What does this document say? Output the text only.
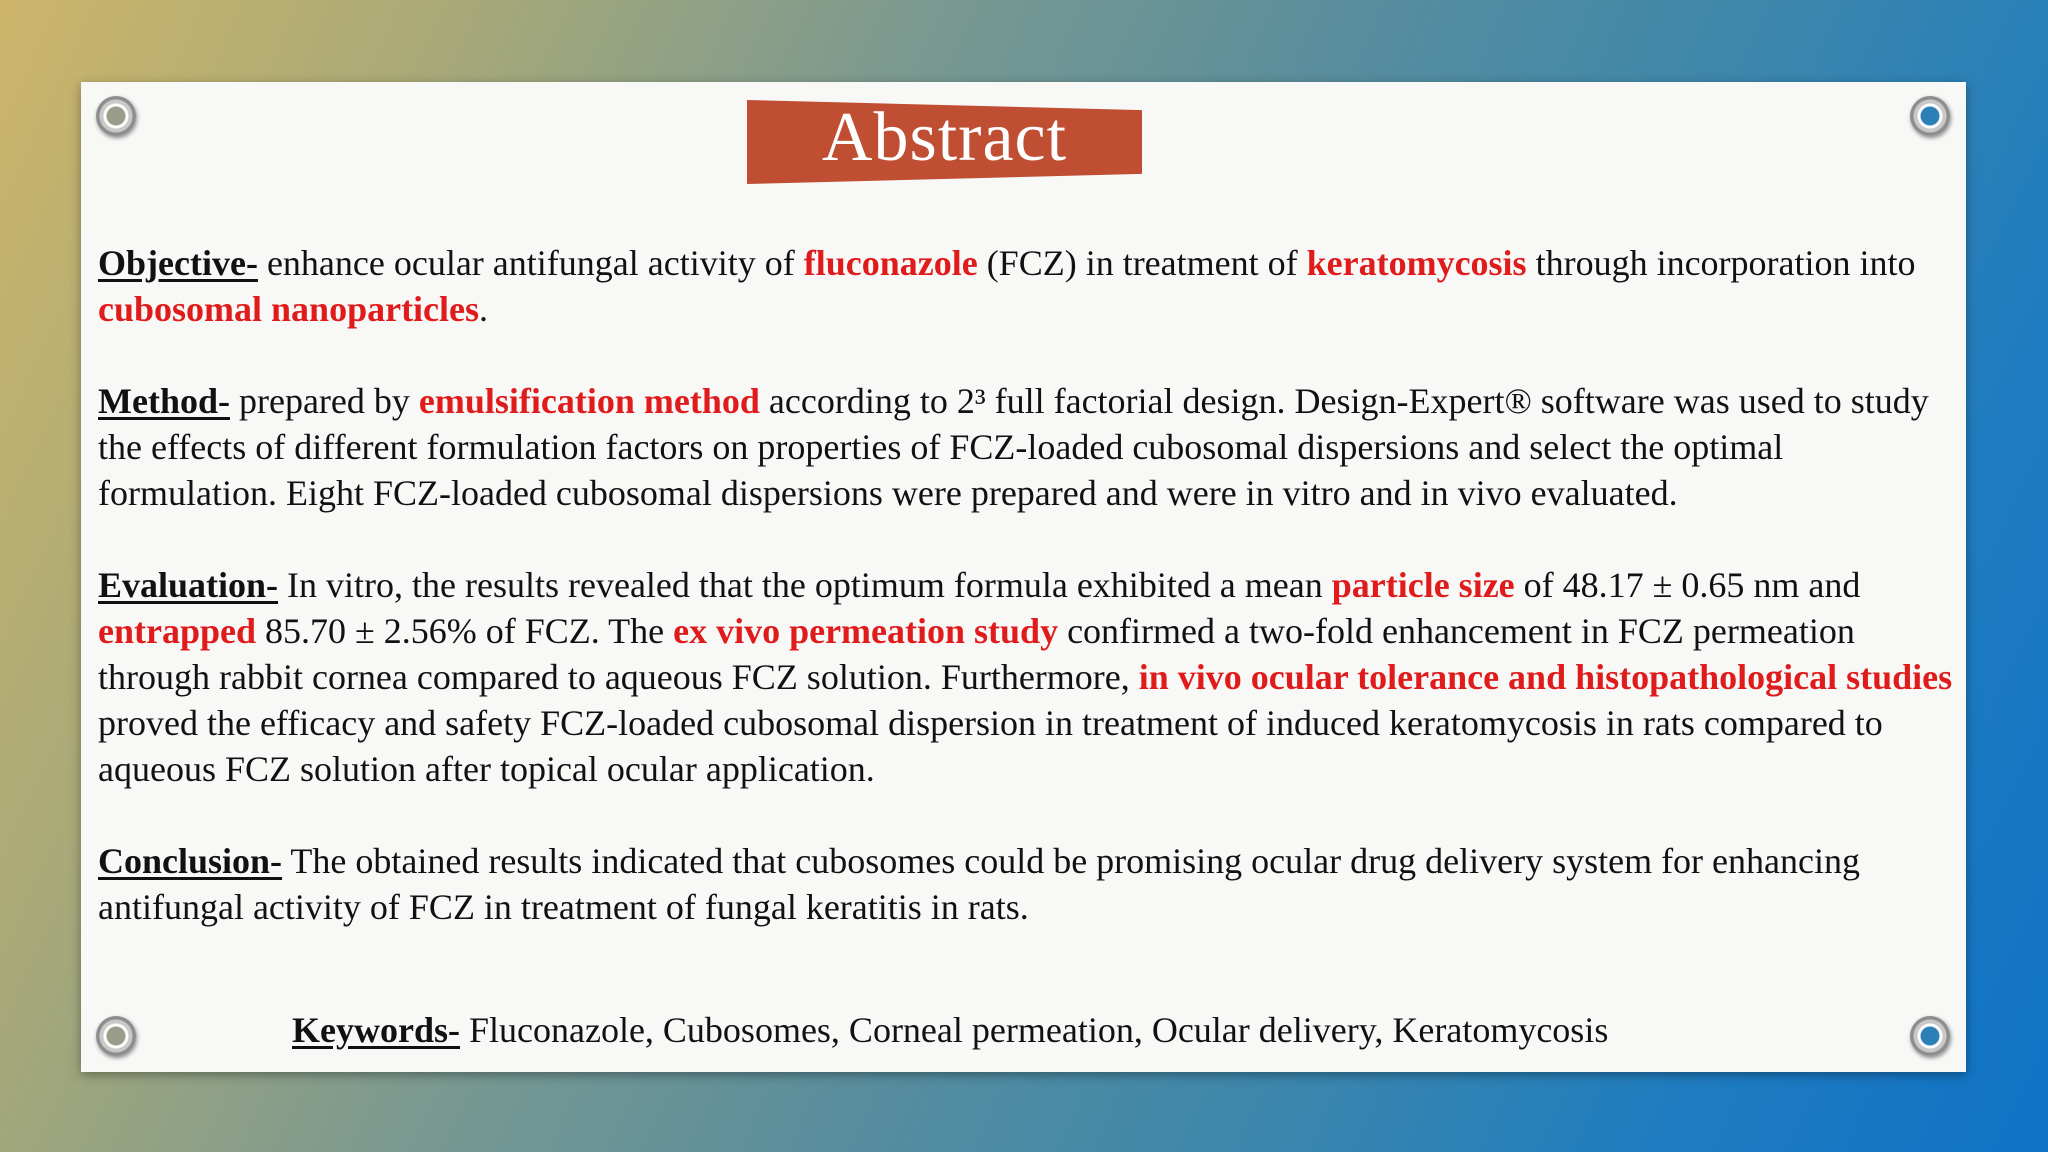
Abstract

Objective- enhance ocular antifungal activity of fluconazole (FCZ) in treatment of keratomycosis through incorporation into cubosomal nanoparticles.

Method- prepared by emulsification method according to 2³ full factorial design. Design-Expert® software was used to study the effects of different formulation factors on properties of FCZ-loaded cubosomal dispersions and select the optimal formulation. Eight FCZ-loaded cubosomal dispersions were prepared and were in vitro and in vivo evaluated.

Evaluation- In vitro, the results revealed that the optimum formula exhibited a mean particle size of 48.17 ± 0.65 nm and entrapped 85.70 ± 2.56% of FCZ. The ex vivo permeation study confirmed a two-fold enhancement in FCZ permeation through rabbit cornea compared to aqueous FCZ solution. Furthermore, in vivo ocular tolerance and histopathological studies proved the efficacy and safety FCZ-loaded cubosomal dispersion in treatment of induced keratomycosis in rats compared to aqueous FCZ solution after topical ocular application.

Conclusion- The obtained results indicated that cubosomes could be promising ocular drug delivery system for enhancing antifungal activity of FCZ in treatment of fungal keratitis in rats.

Keywords- Fluconazole, Cubosomes, Corneal permeation, Ocular delivery, Keratomycosis
